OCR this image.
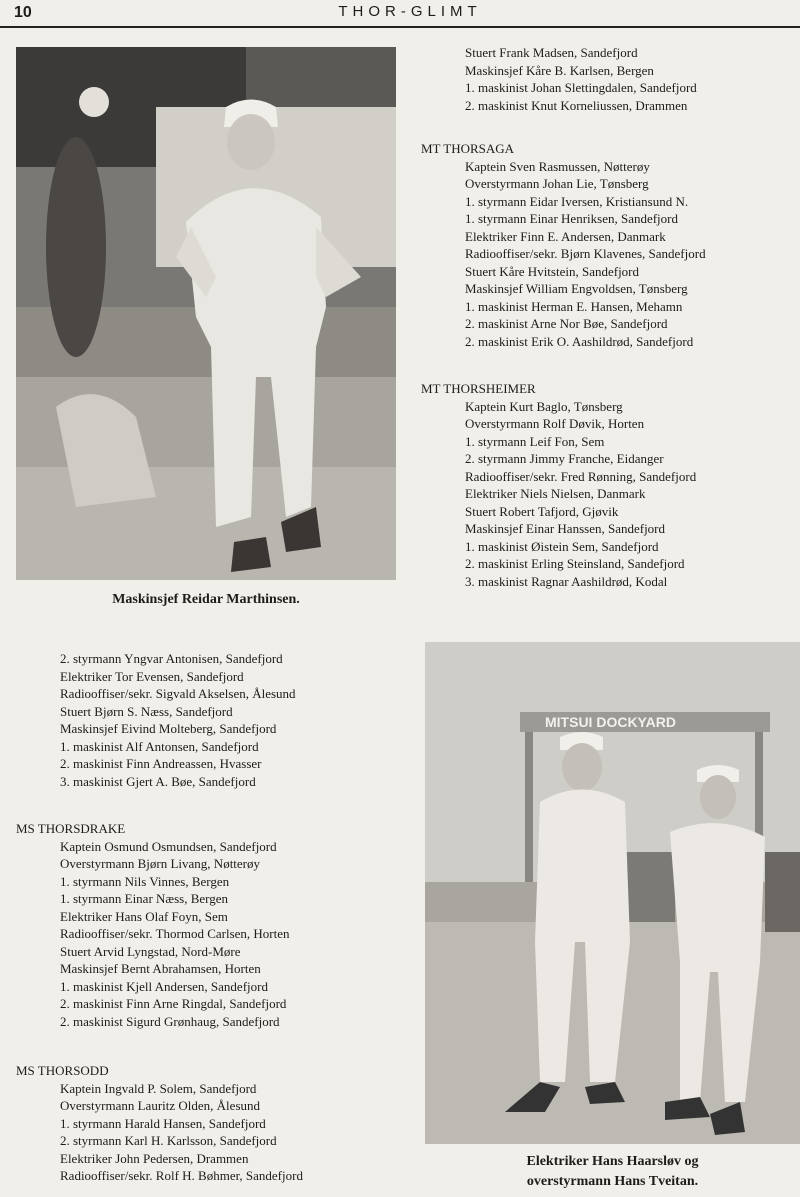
10	THOR-GLIMT
Maskinsjef Reidar Marthinsen.
Stuert Frank Madsen, Sandefjord
Maskinsjef Kåre B. Karlsen, Bergen
1. maskinist Johan Slettingdalen, Sandefjord
2. maskinist Knut Korneliussen, Drammen
MT THORSAGA
Kaptein Sven Rasmussen, Nøtterøy
Overstyrmann Johan Lie, Tønsberg
1. styrmann Eidar Iversen, Kristiansund N.
1. styrmann Einar Henriksen, Sandefjord
Elektriker Finn E. Andersen, Danmark
Radiooffiser/sekr. Bjørn Klavenes, Sandefjord
Stuert Kåre Hvitstein, Sandefjord
Maskinsjef William Engvoldsen, Tønsberg
1. maskinist Herman E. Hansen, Mehamn
2. maskinist Arne Nor Bøe, Sandefjord
2. maskinist Erik O. Aashildrød, Sandefjord
MT THORSHEIMER
Kaptein Kurt Baglo, Tønsberg
Overstyrmann Rolf Døvik, Horten
1. styrmann Leif Fon, Sem
2. styrmann Jimmy Franche, Eidanger
Radiooffiser/sekr. Fred Rønning, Sandefjord
Elektriker Niels Nielsen, Danmark
Stuert Robert Tafjord, Gjøvik
Maskinsjef Einar Hanssen, Sandefjord
1. maskinist Øistein Sem, Sandefjord
2. maskinist Erling Steinsland, Sandefjord
3. maskinist Ragnar Aashildrød, Kodal
2. styrmann Yngvar Antonisen, Sandefjord
Elektriker Tor Evensen, Sandefjord
Radiooffiser/sekr. Sigvald Akselsen, Ålesund
Stuert Bjørn S. Næss, Sandefjord
Maskinsjef Eivind Molteberg, Sandefjord
1. maskinist Alf Antonsen, Sandefjord
2. maskinist Finn Andreassen, Hvasser
3. maskinist Gjert A. Bøe, Sandefjord
MS THORSDRAKE
Kaptein Osmund Osmundsen, Sandefjord
Overstyrmann Bjørn Livang, Nøtterøy
1. styrmann Nils Vinnes, Bergen
1. styrmann Einar Næss, Bergen
Elektriker Hans Olaf Foyn, Sem
Radiooffiser/sekr. Thormod Carlsen, Horten
Stuert Arvid Lyngstad, Nord-Møre
Maskinsjef Bernt Abrahamsen, Horten
1. maskinist Kjell Andersen, Sandefjord
2. maskinist Finn Arne Ringdal, Sandefjord
2. maskinist Sigurd Grønhaug, Sandefjord
MS THORSODD
Kaptein Ingvald P. Solem, Sandefjord
Overstyrmann Lauritz Olden, Ålesund
1. styrmann Harald Hansen, Sandefjord
2. styrmann Karl H. Karlsson, Sandefjord
Elektriker John Pedersen, Drammen
Radiooffiser/sekr. Rolf H. Bøhmer, Sandefjord
MITSUI DOCKYARD
Elektriker Hans Haarsløv og
overstyrmann Hans Tveitan.
